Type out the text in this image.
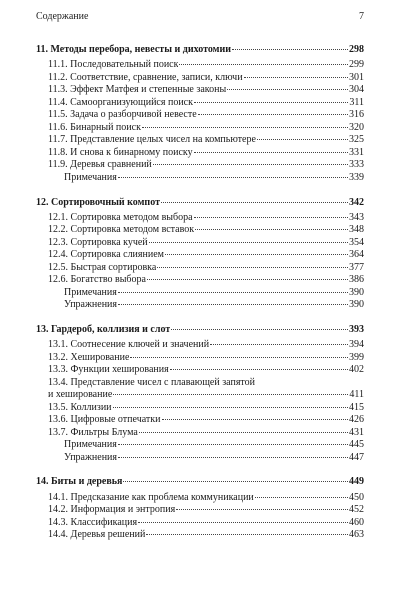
Содержание	7
11. Методы перебора, невесты и дихотомии	298
11.1. Последовательный поиск	299
11.2. Соответствие, сравнение, записи, ключи	301
11.3. Эффект Матфея и степенные законы	304
11.4. Самоорганизующийся поиск	311
11.5. Задача о разборчивой невесте	316
11.6. Бинарный поиск	320
11.7. Представление целых чисел на компьютере	325
11.8. И снова к бинарному поиску	331
11.9. Деревья сравнений	333
Примечания	339
12. Сортировочный компот	342
12.1. Сортировка методом выбора	343
12.2. Сортировка методом вставок	348
12.3. Сортировка кучей	354
12.4. Сортировка слиянием	364
12.5. Быстрая сортировка	377
12.6. Богатство выбора	386
Примечания	390
Упражнения	390
13. Гардероб, коллизия и слот	393
13.1. Соотнесение ключей и значений	394
13.2. Хеширование	399
13.3. Функции хеширования	402
13.4. Представление чисел с плавающей запятой
и хеширование	411
13.5. Коллизии	415
13.6. Цифровые отпечатки	426
13.7. Фильтры Блума	431
Примечания	445
Упражнения	447
14. Биты и деревья	449
14.1. Предсказание как проблема коммуникации	450
14.2. Информация и энтропия	452
14.3. Классификация	460
14.4. Деревья решений	463
